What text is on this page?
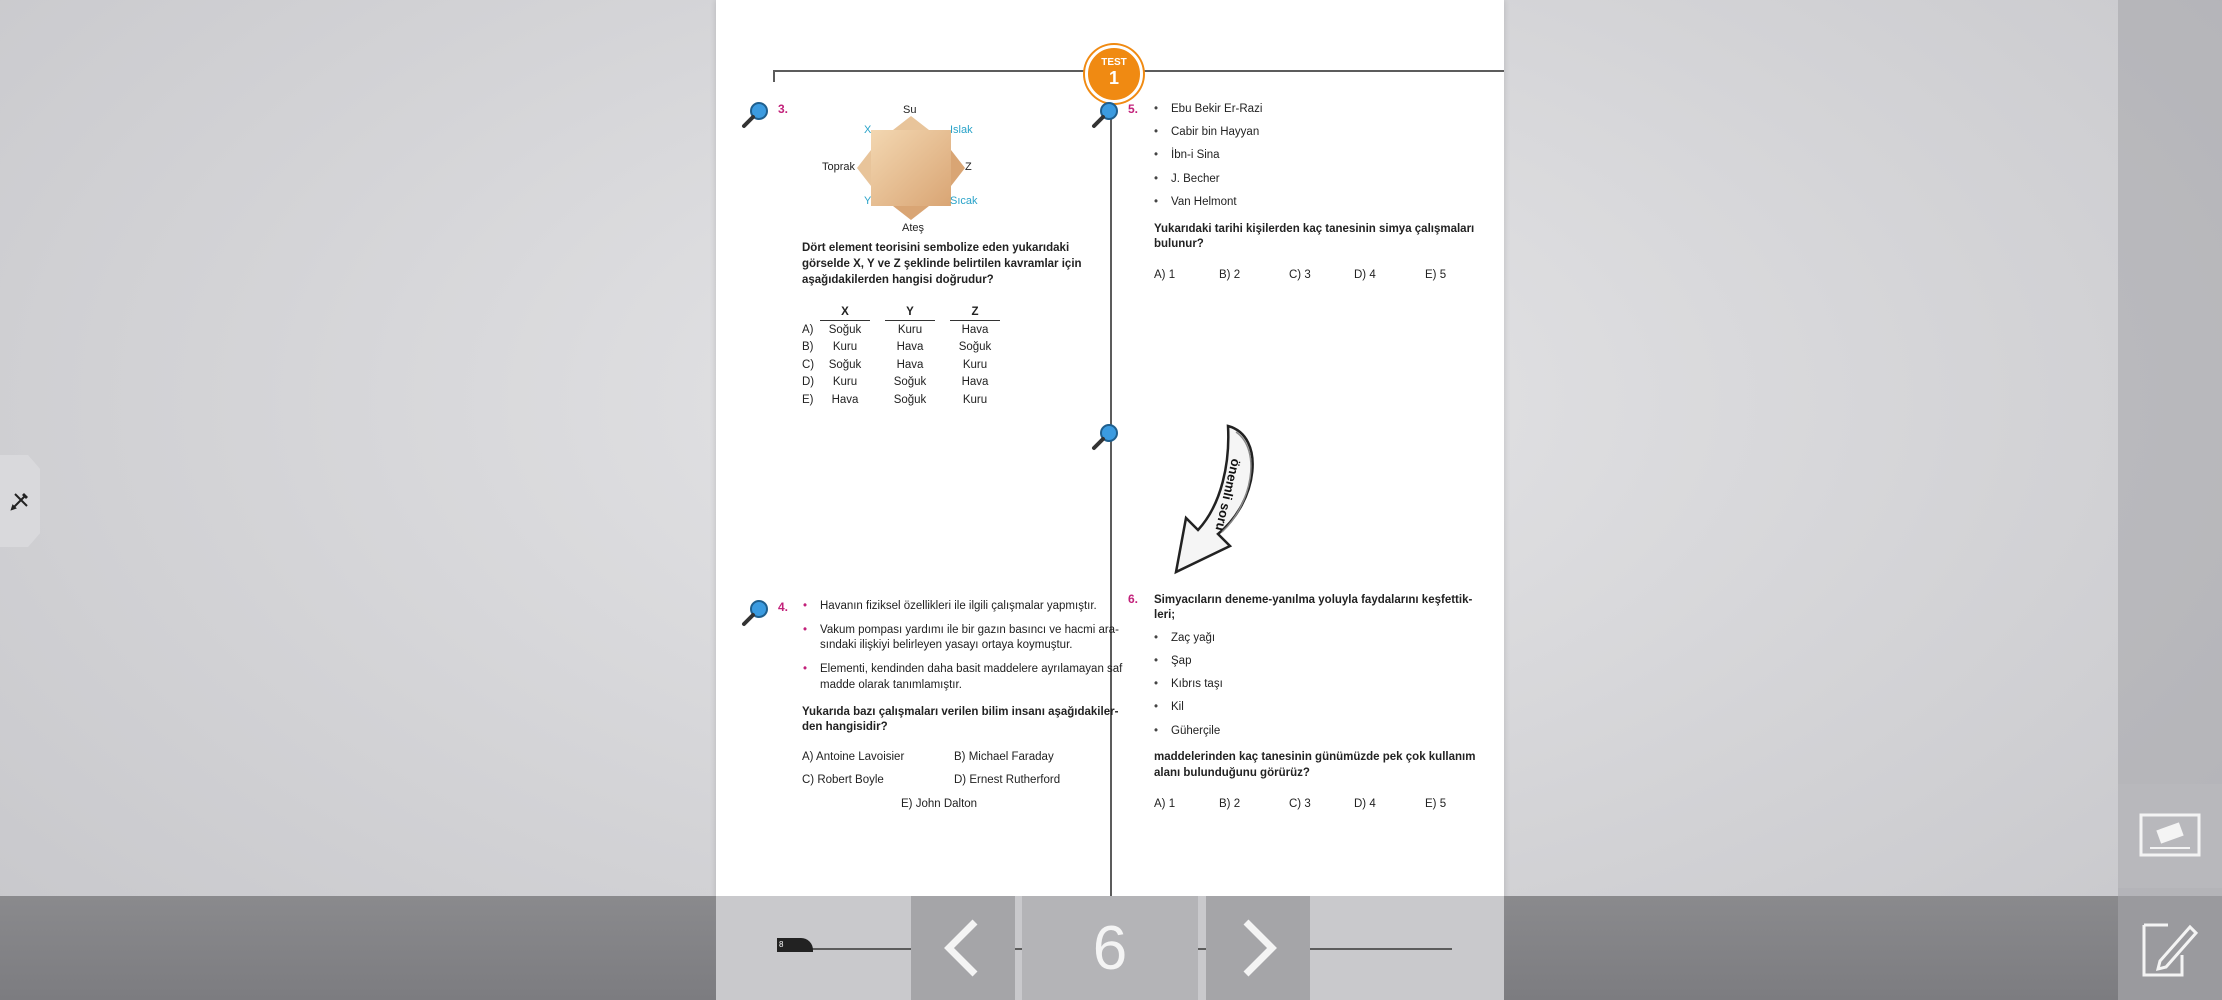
TEST
1
3.	Su
Ateş
Toprak	Z
X
Y
Islak
Sıcak
Dört element teorisini sembolize eden yukarıdaki görselde X, Y ve Z şeklinde belirtilen kavramlar için aşağıdakilerden hangisi doğrudur?
	X		Y		Z
A)	Soğuk		Kuru		Hava
B)	Kuru		Hava		Soğuk
C)	Soğuk		Hava		Kuru
D)	Kuru		Soğuk		Hava
E)	Hava		Soğuk		Kuru
4.	• Havanın fiziksel özellikleri ile ilgili çalışmalar yapmıştır.
• Vakum pompası yardımı ile bir gazın basıncı ve hacmi ara-
sındaki ilişkiyi belirleyen yasayı ortaya koymuştur.
• Elementi, kendinden daha basit maddelere ayrılamayan saf
madde olarak tanımlamıştır.
Yukarıda bazı çalışmaları verilen bilim insanı aşağıdakiler-
den hangisidir?
A) Antoine Lavoisier	B) Michael Faraday
C) Robert Boyle	D) Ernest Rutherford
E) John Dalton
5.	• Ebu Bekir Er-Razi
• Cabir bin Hayyan
• İbn-i Sina
• J. Becher
• Van Helmont
Yukarıdaki tarihi kişilerden kaç tanesinin simya çalışmaları
bulunur?
A) 1	B) 2	C) 3	D) 4	E) 5
önemli soru
6. Simyacıların deneme-yanılma yoluyla faydalarını keşfettik-
leri;
• Zaç yağı
• Şap
• Kıbrıs taşı
• Kil
• Güherçile
maddelerinden kaç tanesinin günümüzde pek çok kullanım
alanı bulunduğunu görürüz?
A) 1	B) 2	C) 3	D) 4	E) 5
8	6
